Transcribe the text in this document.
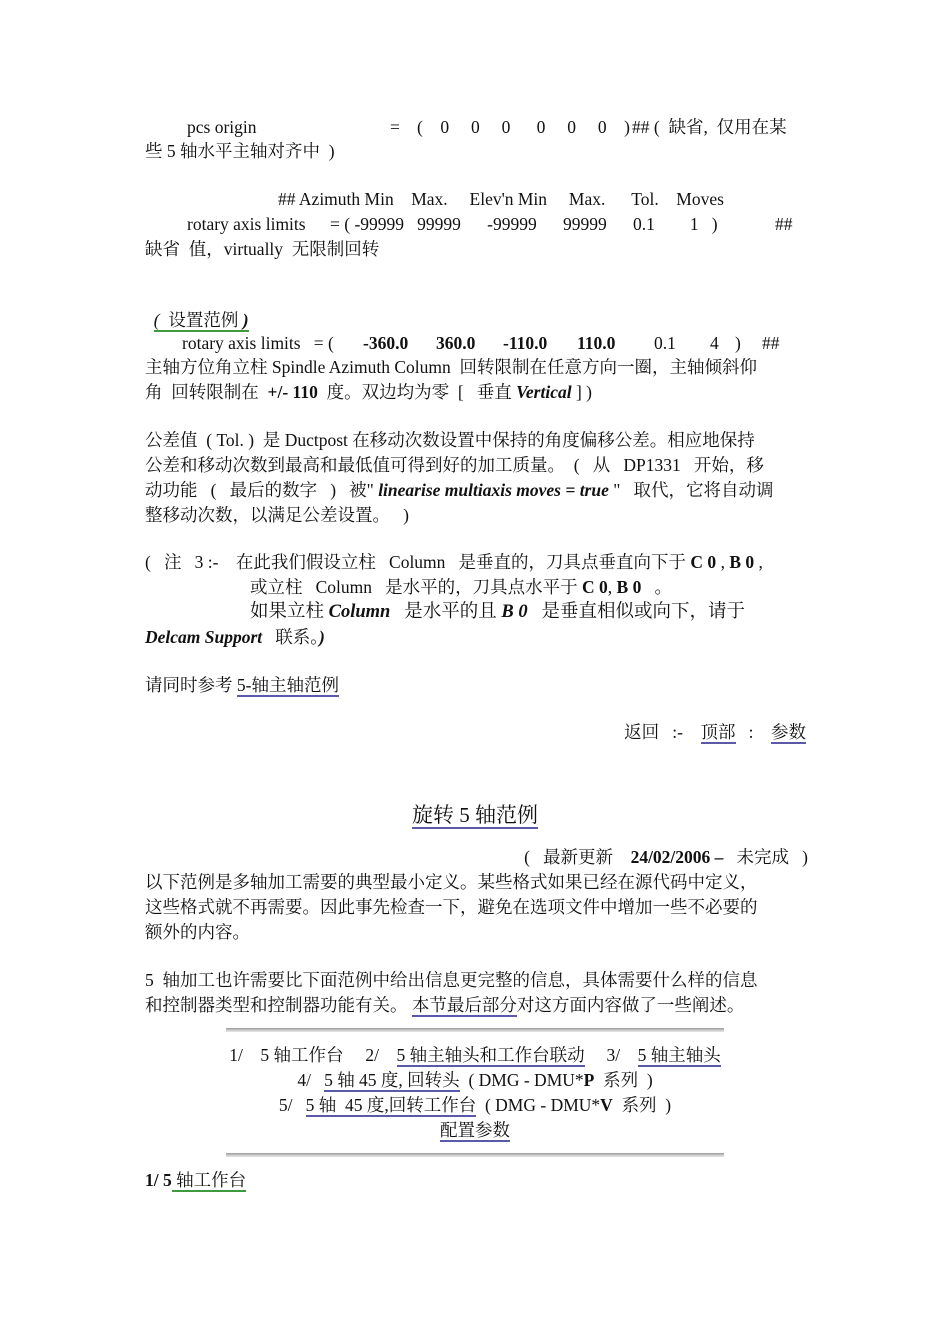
pcs origin	= (    0     0     0      0     0     0    ) ## (  缺省,  仅用在某
些 5 轴水平主轴对齐中  )
## Azimuth Min    Max.     Elev'n Min     Max.      Tol.    Moves
rotary axis limits = ( -99999   99999      -99999      99999      0.1        1   )	##
缺省  值，virtually  无限制回转

(  设置范例 )

rotary axis limits   = ( -360.0 360.0 -110.0 110.0 0.1 4 ) ##
主轴方位角立柱 Spindle Azimuth Column  回转限制在任意方向一圈，主轴倾斜仰
角  回转限制在  +/- 110  度。双边均为零  [   垂直 Vertical ] )
公差值  ( Tol. )  是 Ductpost 在移动次数设置中保持的角度偏移公差。相应地保持
公差和移动次数到最高和最低值可得到好的加工质量。  (   从   DP1331   开始，移
动功能   (   最后的数字   )   被" linearise multiaxis moves = true "   取代，它将自动调
整移动次数，以满足公差设置。   )
(   注   3 :-    在此我们假设立柱   Column   是垂直的，刀具点垂直向下于 C 0 , B 0 ,
或立柱   Column   是水平的，刀具点水平于 C 0, B 0   。
如果立柱 Column   是水平的且 B 0   是垂直相似或向下，请于
Delcam Support   联系。)
请同时参考 5-轴主轴范例
返回   :-    顶部   :    参数
旋转 5 轴范例
(   最新更新    24/02/2006 –   未完成   )
以下范例是多轴加工需要的典型最小定义。某些格式如果已经在源代码中定义，
这些格式就不再需要。因此事先检查一下，避免在选项文件中增加一些不必要的
额外的内容。
5  轴加工也许需要比下面范例中给出信息更完整的信息，具体需要什么样的信息
和控制器类型和控制器功能有关。 本节最后部分对这方面内容做了一些阐述。
1/    5 轴工作台     2/    5 轴主轴头和工作台联动     3/    5 轴主轴头
4/   5 轴 45 度, 回转头  ( DMG - DMU*P  系列  )
5/   5 轴  45 度,回转工作台  ( DMG - DMU*V  系列  )
配置参数
1/ 5 轴工作台
